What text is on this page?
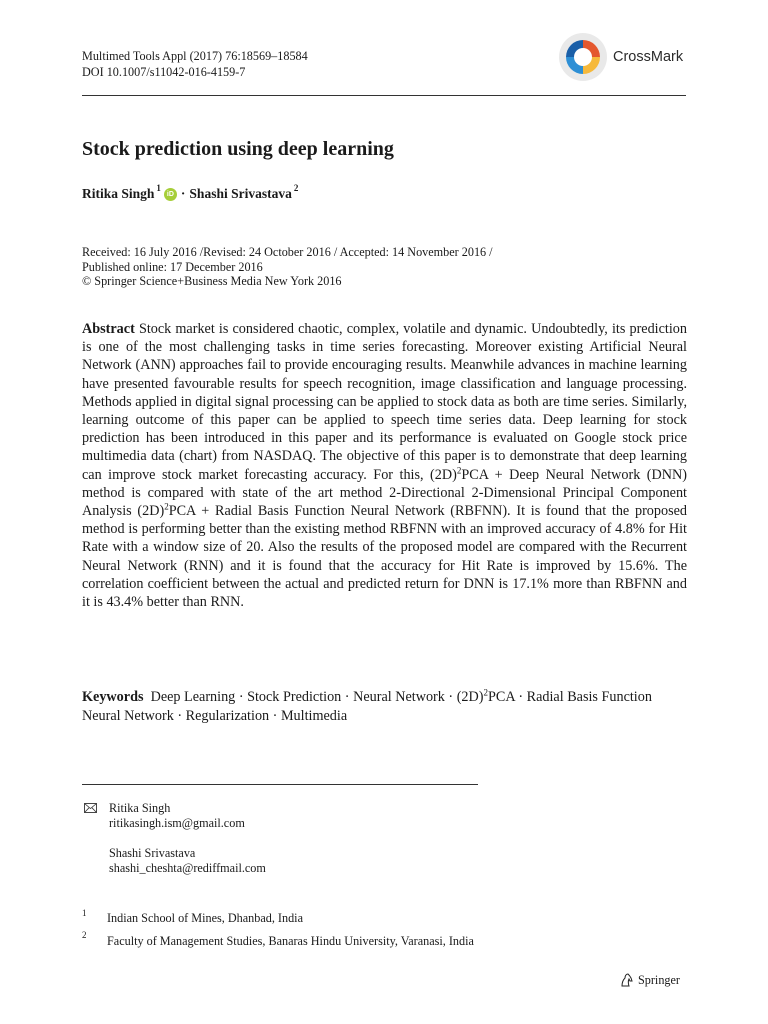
Multimed Tools Appl (2017) 76:18569–18584
DOI 10.1007/s11042-016-4159-7
CrossMark
Stock prediction using deep learning
Ritika Singh$^1$
iD · Shashi Srivastava$^2$
Received: 16 July 2016 /Revised: 24 October 2016 / Accepted: 14 November 2016 /
Published online: 17 December 2016
© Springer Science+Business Media New York 2016
Abstract Stock market is considered chaotic, complex, volatile and dynamic. Undoubtedly, its prediction is one of the most challenging tasks in time series forecasting. Moreover existing Artificial Neural Network (ANN) approaches fail to provide encouraging results. Meanwhile advances in machine learning have presented favourable results for speech recognition, image classification and language processing. Methods applied in digital signal processing can be applied to stock data as both are time series. Similarly, learning outcome of this paper can be applied to speech time series data. Deep learning for stock prediction has been introduced in this paper and its performance is evaluated on Google stock price multimedia data (chart) from NASDAQ. The objective of this paper is to demonstrate that deep learning can improve stock market forecasting accuracy. For this, $(2D)^2PCA$ + Deep Neural Network (DNN) method is compared with state of the art method 2-Directional 2-Dimensional Principal Component Analysis $(2D)^2PCA$ + Radial Basis Function Neural Network (RBFNN). It is found that the proposed method is performing better than the existing method RBFNN with an improved accuracy of 4.8% for Hit Rate with a window size of 20. Also the results of the proposed model are compared with the Recurrent Neural Network (RNN) and it is found that the accuracy for Hit Rate is improved by 15.6%. The correlation coefficient between the actual and predicted return for DNN is 17.1% more than RBFNN and it is 43.4% better than RNN.
Keywords Deep Learning · Stock Prediction · Neural Network · $(2D)^2PCA$ · Radial Basis Function Neural Network · Regularization · Multimedia
Ritika Singh
ritikasingh.ism@gmail.com
Shashi Srivastava
shashi_cheshta@rediffmail.com
1 Indian School of Mines, Dhanbad, India
2 Faculty of Management Studies, Banaras Hindu University, Varanasi, India
Springer
